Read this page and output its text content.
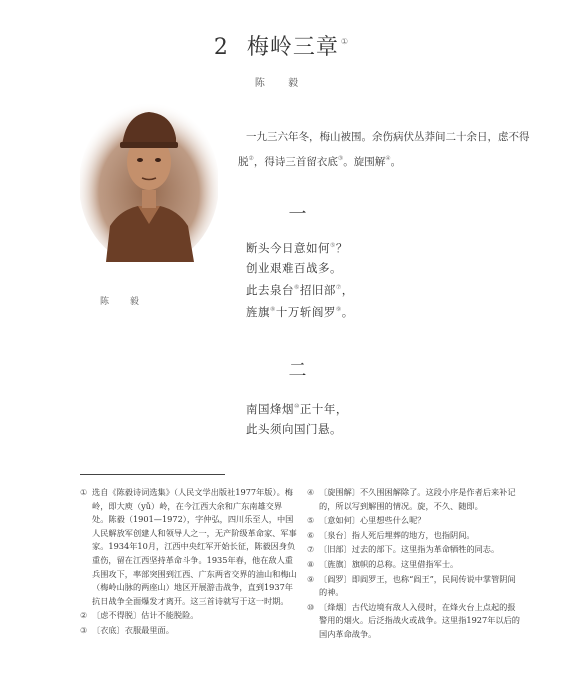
2 梅岭三章 ①
陈 毅
陈 毅
一九三六年冬，梅山被围。余伤病伏丛莽间二十余日，虑不得脱②，得诗三首留衣底③。旋围解④。
一
断头今日意如何⑤？
创业艰难百战多。
此去泉台⑥招旧部⑦，
旌旗⑧十万斩阎罗⑨。
二
南国烽烟⑩正十年，
此头须向国门悬。
① 选自《陈毅诗词选集》（人民文学出版社1977年版）。梅岭，即大庾（yǔ）岭，在今江西大余和广东南雄交界处。陈毅（1901—1972），字仲弘，四川乐至人，中国人民解放军创建人和领导人之一，无产阶级革命家、军事家。1934年10月，江西中央红军开始长征，陈毅因身负重伤，留在江西坚持革命斗争。1935年春，他在敌人重兵围攻下，率部突围到江西、广东两省交界的油山和梅山（梅岭山脉的两座山）地区开展游击战争，直到1937年抗日战争全面爆发才离开。这三首诗就写于这一时期。
② 〔虑不得脱〕估计不能脱险。
③ 〔衣底〕衣服最里面。
④ 〔旋围解〕不久围困解除了。这段小序是作者后来补记的，所以写到解围的情况。旋，不久、随即。
⑤ 〔意如何〕心里想些什么呢？
⑥ 〔泉台〕指人死后埋葬的地方，也指阴间。
⑦ 〔旧部〕过去的部下。这里指为革命牺牲的同志。
⑧ 〔旌旗〕旗帜的总称。这里借指军士。
⑨ 〔阎罗〕即阎罗王，也称“阎王”，民间传说中掌管阴间的神。
⑩ 〔烽烟〕古代边境有敌人入侵时，在烽火台上点起的报警用的烟火。后泛指战火或战争。这里指1927年以后的国内革命战争。
